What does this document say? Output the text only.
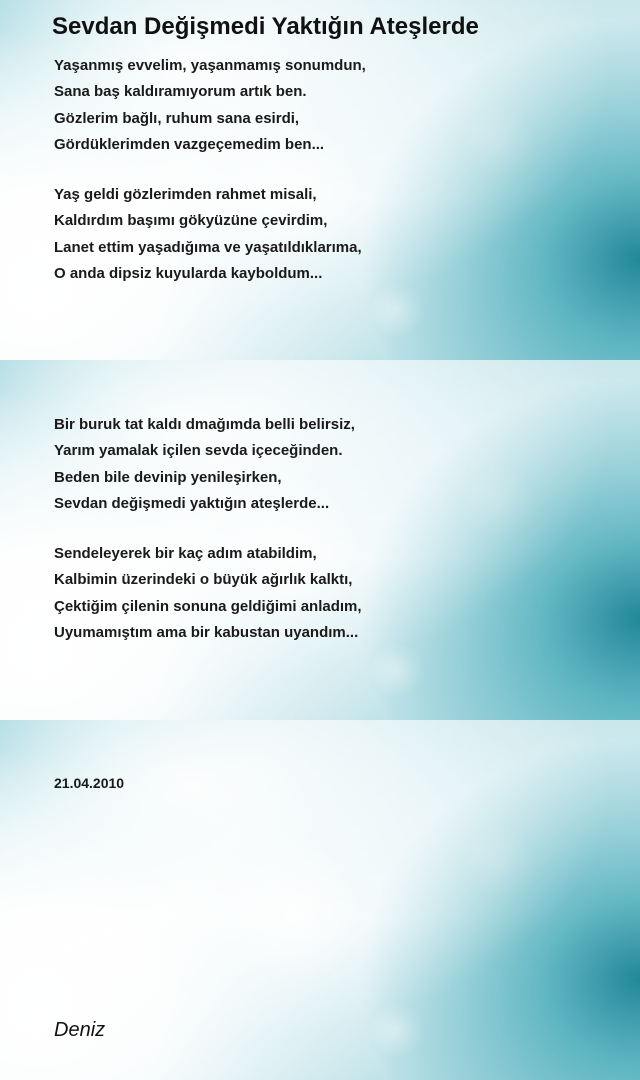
Sevdan Değişmedi Yaktığın Ateşlerde
Yaşanmış evvelim, yaşanmamış sonumdun,
Sana baş kaldıramıyorum artık ben.
Gözlerim bağlı, ruhum sana esirdi,
Gördüklerimden vazgeçemedim ben...
Yaş geldi gözlerimden rahmet misali,
Kaldırdım başımı gökyüzüne çevirdim,
Lanet ettim yaşadığıma ve yaşatıldıklarıma,
O anda dipsiz kuyularda kayboldum...
Bir buruk tat kaldı dmağımda belli belirsiz,
Yarım yamalak içilen sevda içeceğinden.
Beden bile devinip yenileşirken,
Sevdan değişmedi yaktığın ateşlerde...
Sendeleyerek bir kaç adım atabildim,
Kalbimin üzerindeki o büyük ağırlık kalktı,
Çektiğim çilenin sonuna geldiğimi anladım,
Uyumamıştım ama bir kabustan uyandım...
21.04.2010
Deniz
